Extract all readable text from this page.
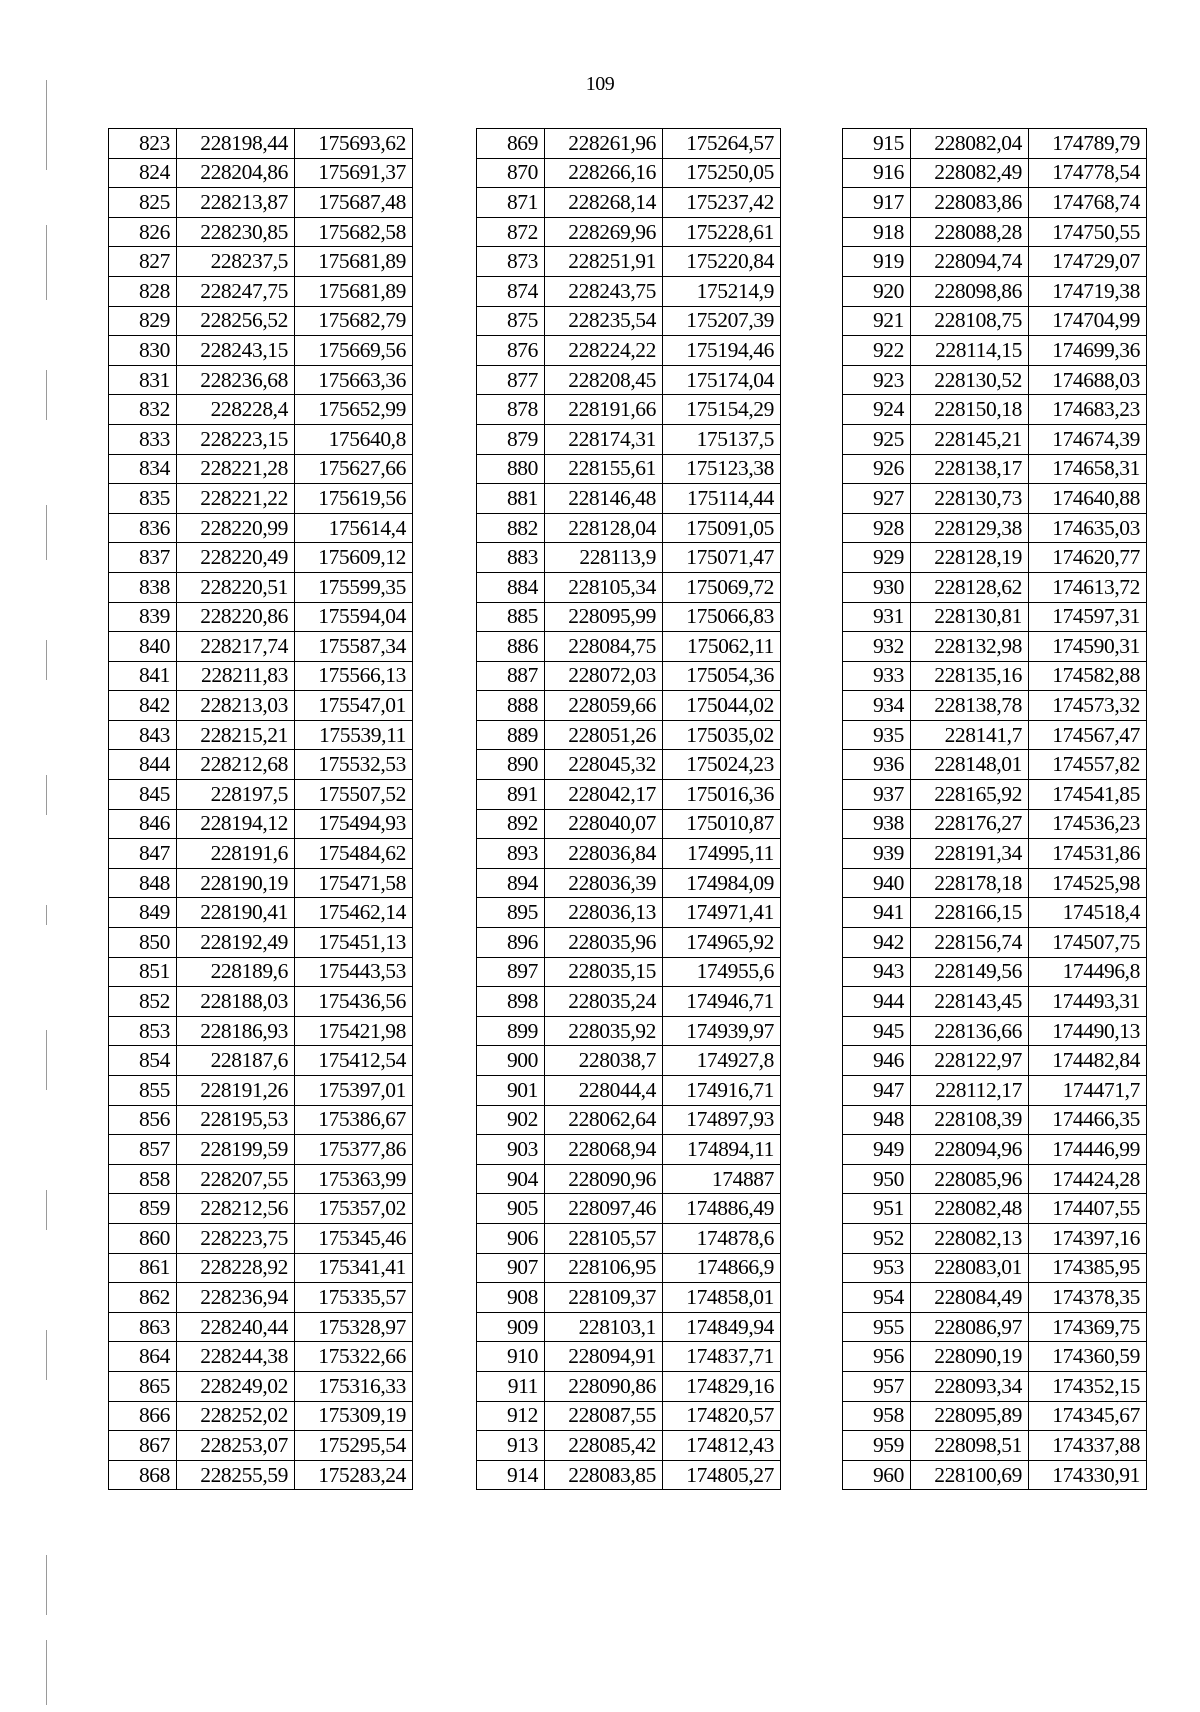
109
823	228198,44	175693,62
824	228204,86	175691,37
825	228213,87	175687,48
826	228230,85	175682,58
827	228237,5	175681,89
828	228247,75	175681,89
829	228256,52	175682,79
830	228243,15	175669,56
831	228236,68	175663,36
832	228228,4	175652,99
833	228223,15	175640,8
834	228221,28	175627,66
835	228221,22	175619,56
836	228220,99	175614,4
837	228220,49	175609,12
838	228220,51	175599,35
839	228220,86	175594,04
840	228217,74	175587,34
841	228211,83	175566,13
842	228213,03	175547,01
843	228215,21	175539,11
844	228212,68	175532,53
845	228197,5	175507,52
846	228194,12	175494,93
847	228191,6	175484,62
848	228190,19	175471,58
849	228190,41	175462,14
850	228192,49	175451,13
851	228189,6	175443,53
852	228188,03	175436,56
853	228186,93	175421,98
854	228187,6	175412,54
855	228191,26	175397,01
856	228195,53	175386,67
857	228199,59	175377,86
858	228207,55	175363,99
859	228212,56	175357,02
860	228223,75	175345,46
861	228228,92	175341,41
862	228236,94	175335,57
863	228240,44	175328,97
864	228244,38	175322,66
865	228249,02	175316,33
866	228252,02	175309,19
867	228253,07	175295,54
868	228255,59	175283,24
869	228261,96	175264,57
870	228266,16	175250,05
871	228268,14	175237,42
872	228269,96	175228,61
873	228251,91	175220,84
874	228243,75	175214,9
875	228235,54	175207,39
876	228224,22	175194,46
877	228208,45	175174,04
878	228191,66	175154,29
879	228174,31	175137,5
880	228155,61	175123,38
881	228146,48	175114,44
882	228128,04	175091,05
883	228113,9	175071,47
884	228105,34	175069,72
885	228095,99	175066,83
886	228084,75	175062,11
887	228072,03	175054,36
888	228059,66	175044,02
889	228051,26	175035,02
890	228045,32	175024,23
891	228042,17	175016,36
892	228040,07	175010,87
893	228036,84	174995,11
894	228036,39	174984,09
895	228036,13	174971,41
896	228035,96	174965,92
897	228035,15	174955,6
898	228035,24	174946,71
899	228035,92	174939,97
900	228038,7	174927,8
901	228044,4	174916,71
902	228062,64	174897,93
903	228068,94	174894,11
904	228090,96	174887
905	228097,46	174886,49
906	228105,57	174878,6
907	228106,95	174866,9
908	228109,37	174858,01
909	228103,1	174849,94
910	228094,91	174837,71
911	228090,86	174829,16
912	228087,55	174820,57
913	228085,42	174812,43
914	228083,85	174805,27
915	228082,04	174789,79
916	228082,49	174778,54
917	228083,86	174768,74
918	228088,28	174750,55
919	228094,74	174729,07
920	228098,86	174719,38
921	228108,75	174704,99
922	228114,15	174699,36
923	228130,52	174688,03
924	228150,18	174683,23
925	228145,21	174674,39
926	228138,17	174658,31
927	228130,73	174640,88
928	228129,38	174635,03
929	228128,19	174620,77
930	228128,62	174613,72
931	228130,81	174597,31
932	228132,98	174590,31
933	228135,16	174582,88
934	228138,78	174573,32
935	228141,7	174567,47
936	228148,01	174557,82
937	228165,92	174541,85
938	228176,27	174536,23
939	228191,34	174531,86
940	228178,18	174525,98
941	228166,15	174518,4
942	228156,74	174507,75
943	228149,56	174496,8
944	228143,45	174493,31
945	228136,66	174490,13
946	228122,97	174482,84
947	228112,17	174471,7
948	228108,39	174466,35
949	228094,96	174446,99
950	228085,96	174424,28
951	228082,48	174407,55
952	228082,13	174397,16
953	228083,01	174385,95
954	228084,49	174378,35
955	228086,97	174369,75
956	228090,19	174360,59
957	228093,34	174352,15
958	228095,89	174345,67
959	228098,51	174337,88
960	228100,69	174330,91
